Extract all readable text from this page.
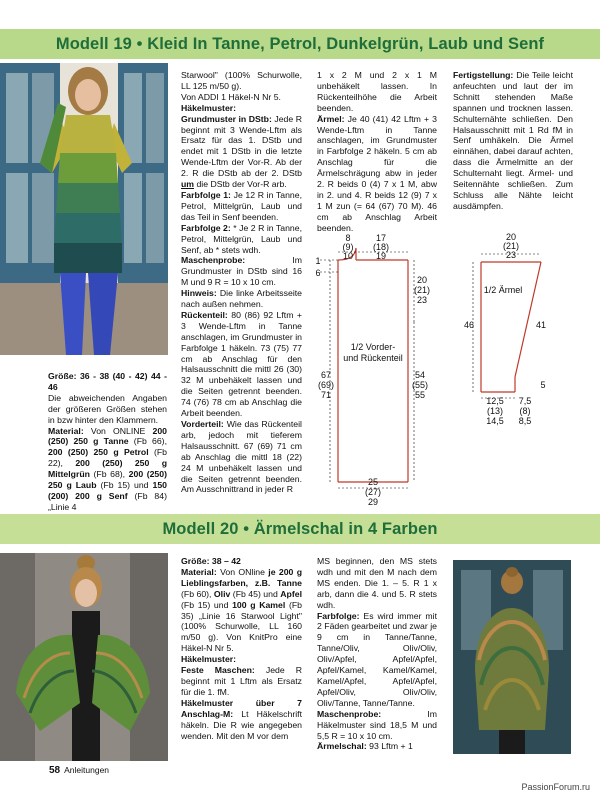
Modell 19 • Kleid In Tanne, Petrol, Dunkelgrün, Laub und Senf

Größe: 36 - 38 (40 - 42) 44 - 46

Die abweichenden Angaben der größeren Größen stehen in bzw hinter den Klammern.

Material: Von ONLINE 200 (250) 250 g Tanne (Fb 66), 200 (250) 250 g Petrol (Fb 22), 200 (250) 250 g Mittelgrün (Fb 68), 200 (250) 250 g Laub (Fb 15) und 150 (200) 200 g Senf (Fb 84) „Linie 4

Starwool" (100% Schurwolle, LL 125 m/50 g).

Von ADDI 1 Häkel-N Nr 5.

Häkelmuster:

Grundmuster in DStb: Jede R beginnt mit 3 Wende-Lftm als Ersatz für das 1. DStb und endet mit 1 DStb in die letzte Wende-Lftm der Vor-R. Ab der 2. R die DStb ab der 2. DStb um die DStb der Vor-R arb.

Farbfolge 1: Je 12 R in Tanne, Petrol, Mittelgrün, Laub und das Teil in Senf beenden.

Farbfolge 2: * Je 2 R in Tanne, Petrol, Mittelgrün, Laub und Senf, ab * stets wdh.

Maschenprobe: Im Grundmuster in DStb sind 16 M und 9 R = 10 x 10 cm.

Hinweis: Die linke Arbeitsseite nach außen nehmen.

Rückenteil: 80 (86) 92 Lftm + 3 Wende-Lftm in Tanne anschlagen, im Grundmuster in Farbfolge 1 häkeln. 73 (75) 77 cm ab Anschlag für den Halsausschnitt die mittl 26 (30) 32 M unbehäkelt lassen und die Seiten getrennt beenden. 74 (76) 78 cm ab Anschlag die Arbeit beenden.

Vorderteil: Wie das Rückenteil arb, jedoch mit tieferem Halsausschnitt. 67 (69) 71 cm ab Anschlag die mittl 18 (22) 24 M unbehäkelt lassen und die Seiten getrennt beenden. Am Ausschnittrand in jeder R

1 x 2 M und 2 x 1 M unbehäkelt lassen. In Rückenteilhöhe die Arbeit beenden.

Ärmel: Je 40 (41) 42 Lftm + 3 Wende-Lftm in Tanne anschlagen, im Grundmuster in Farbfolge 2 häkeln. 5 cm ab Anschlag für die Ärmelschrägung abw in jeder 2. R beids 0 (4) 7 x 1 M, abw in 2. und 4. R beids 12 (9) 7 x 1 M zun (= 64 (67) 70 M). 46 cm ab Anschlag Arbeit beenden.

Fertigstellung: Die Teile leicht anfeuchten und laut der im Schnitt stehenden Maße spannen und trocknen lassen. Schulternähte schließen. Den Halsausschnitt mit 1 Rd fM in Senf umhäkeln. Die Ärmel einnähen, dabei darauf achten, dass die Ärmelmitte an der Schulternaht liegt. Ärmel- und Seitennähte schließen. Zum Schluss alle Nähte leicht ausdämpfen.

8
(9)
10
17
(18)
19
1
6
20
(21)
23
1/2 Vorder-
und Rückenteil
67
(69)
71
54
(55)
55
25
(27)
29
20
(21)
23
1/2 Ärmel
46	41
5
12,5
(13)
14,5
7,5
(8)
8,5
Modell 20 • Ärmelschal in 4 Farben

Größe: 38 – 42

Material: Von ONline je 200 g Lieblingsfarben, z.B. Tanne (Fb 60), Oliv (Fb 45) und Apfel (Fb 15) und 100 g Kamel (Fb 35) „Linie 16 Starwool Light" (100% Schurwolle, LL 160 m/50 g). Von KnitPro eine Häkel-N Nr 5.

Häkelmuster:

Feste Maschen: Jede R beginnt mit 1 Lftm als Ersatz für die 1. fM.

Häkelmuster über 7 Anschlag-M: Lt Häkelschrift häkeln. Die R wie angegeben wenden. Mit den M vor dem

MS beginnen, den MS stets wdh und mit den M nach dem MS enden. Die 1. – 5. R 1 x arb, dann die 4. und 5. R stets wdh.

Farbfolge: Es wird immer mit 2 Fäden gearbeitet und zwar je 9 cm in Tanne/Tanne, Tanne/Oliv, Oliv/Oliv, Oliv/Apfel, Apfel/Apfel, Apfel/Kamel, Kamel/Kamel, Kamel/Apfel, Apfel/Apfel, Apfel/Oliv, Oliv/Oliv, Oliv/Tanne, Tanne/Tanne.

Maschenprobe: Im Häkelmuster sind 18,5 M und 5,5 R = 10 x 10 cm.

Ärmelschal: 93 Lftm + 1

58 Anleitungen
PassionForum.ru
